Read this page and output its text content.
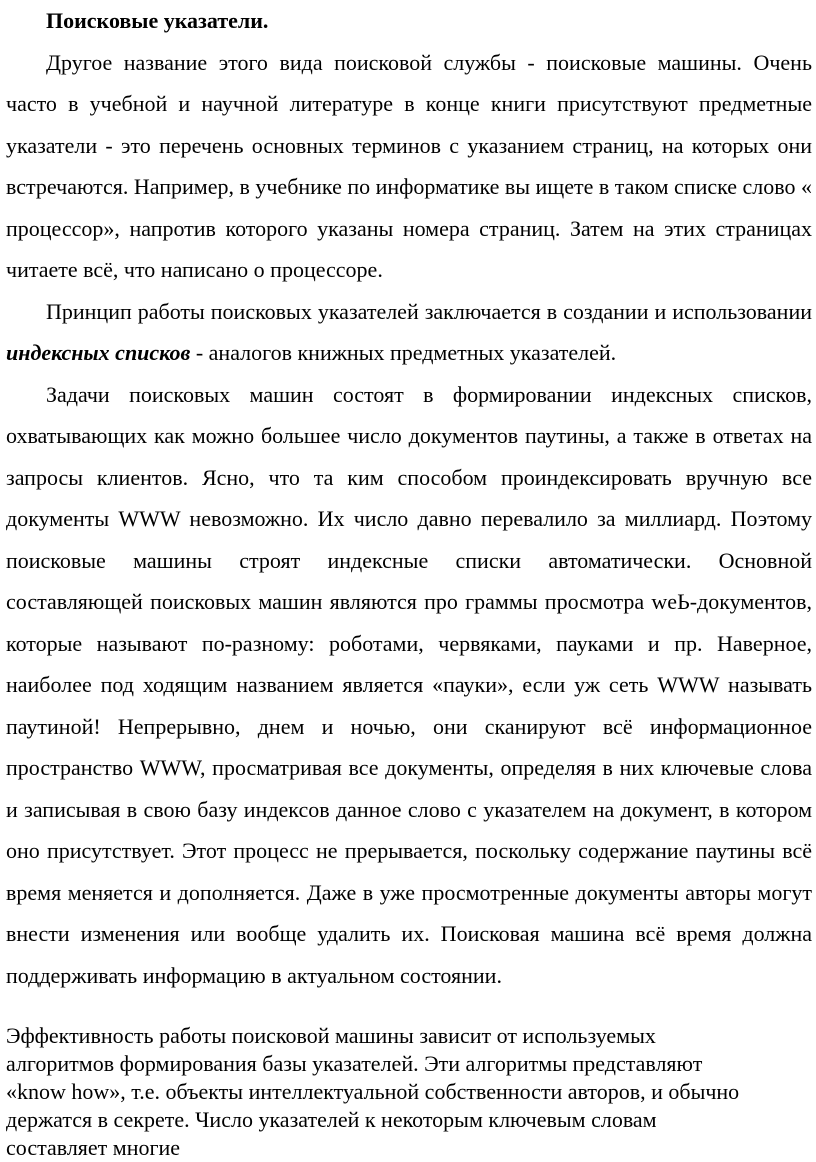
Поисковые указатели.

Другое название этого вида поисковой службы - поисковые машины. Очень часто в учебной и научной литературе в конце книги присутствуют предметные указатели - это перечень основных терминов с указанием страниц, на которых они встречаются. Например, в учебнике по информатике вы ищете в таком списке слово « процессор», напротив которого указаны номера страниц. Затем на этих страницах читаете всё, что написано о процессоре.

Принцип работы поисковых указателей заключается в создании и использовании индексных списков - аналогов книжных предметных указателей.

Задачи поисковых машин состоят в формировании индексных списков, охватывающих как можно большее число документов паутины, а также в ответах на запросы клиентов. Ясно, что та ким способом проиндексировать вручную все документы WWW невозможно. Их число давно перевалило за миллиард. Поэтому поисковые машины строят индексные списки автоматически. Основной составляющей поисковых машин являются про граммы просмотра weЬ-документов, которые называют по-разному: роботами, червяками, пауками и пр. Наверное, наиболее под ходящим названием является «пауки», если уж сеть WWW называть паутиной! Непрерывно, днем и ночью, они сканируют всё информационное пространство WWW, просматривая все документы, определяя в них ключевые слова и записывая в свою базу индексов данное слово с указателем на документ, в котором оно присутствует. Этот процесс не прерывается, поскольку содержание паутины всё время меняется и дополняется. Даже в уже просмотренные документы авторы могут внести изменения или вообще удалить их. Поисковая машина всё время должна поддерживать информацию в актуальном состоянии.

Эффективность работы поисковой машины зависит от используемых
алгоритмов формирования базы указателей. Эти алгоритмы представляют
«know how», т.е. объекты интеллектуальной собственности авторов, и обычно
держатся в секрете. Число указателей к некоторым ключевым словам
составляет многие
